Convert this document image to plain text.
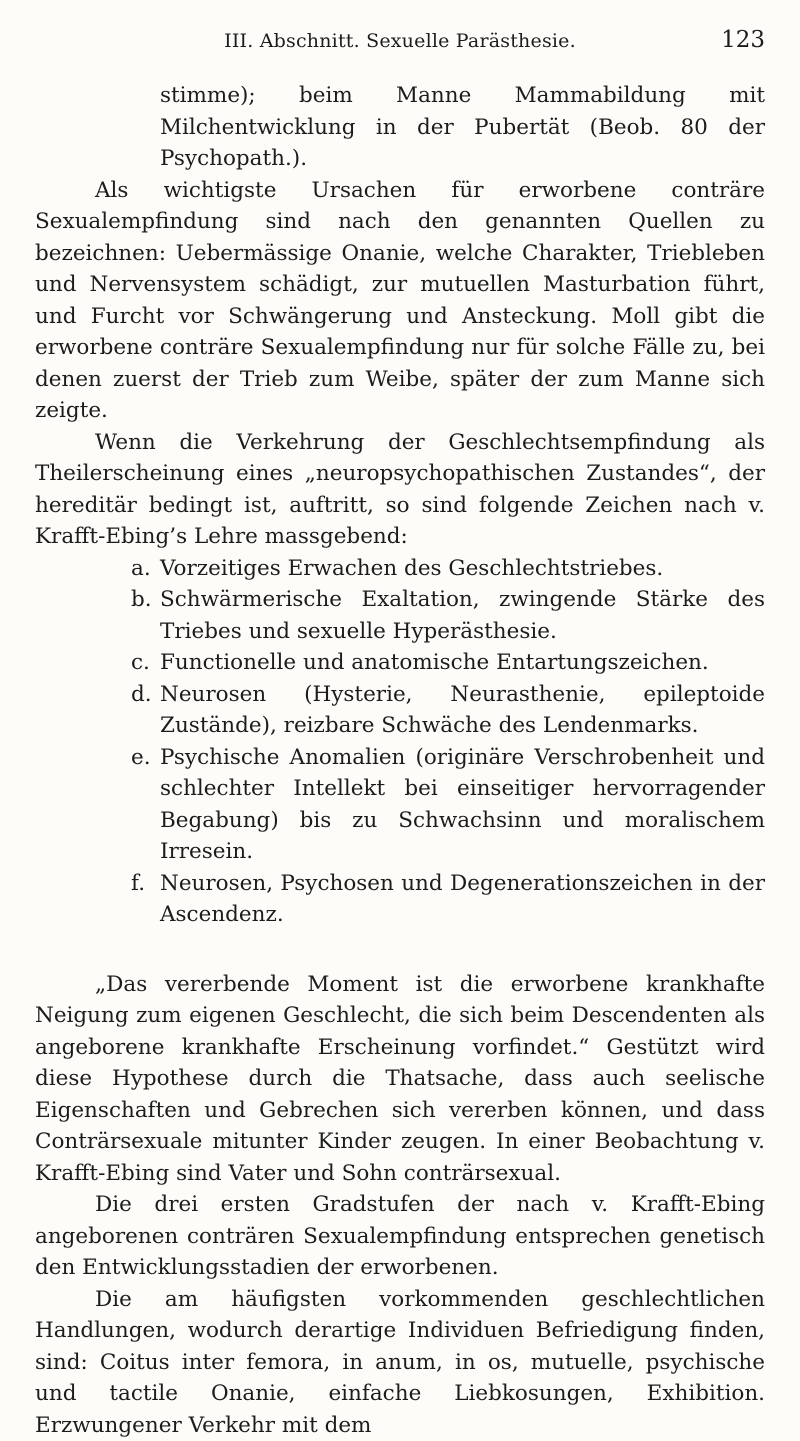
III. Abschnitt. Sexuelle Parästhesie.	123

stimme); beim Manne Mammabildung mit Milchentwicklung in der Pubertät (Beob. 80 der Psychopath.).

Als wichtigste Ursachen für erworbene conträre Sexualempfindung sind nach den genannten Quellen zu bezeichnen: Uebermässige Onanie, welche Charakter, Triebleben und Nervensystem schädigt, zur mutuellen Masturbation führt, und Furcht vor Schwängerung und Ansteckung. Moll gibt die erworbene conträre Sexualempfindung nur für solche Fälle zu, bei denen zuerst der Trieb zum Weibe, später der zum Manne sich zeigte.

Wenn die Verkehrung der Geschlechtsempfindung als Theilerscheinung eines „neuropsychopathischen Zustandes“, der hereditär bedingt ist, auftritt, so sind folgende Zeichen nach v. Krafft-Ebing’s Lehre massgebend:

a. Vorzeitiges Erwachen des Geschlechtstriebes.
b. Schwärmerische Exaltation, zwingende Stärke des Triebes und sexuelle Hyperästhesie.
c. Functionelle und anatomische Entartungszeichen.
d. Neurosen (Hysterie, Neurasthenie, epileptoide Zustände), reizbare Schwäche des Lendenmarks.
e. Psychische Anomalien (originäre Verschrobenheit und schlechter Intellekt bei einseitiger hervorragender Begabung) bis zu Schwachsinn und moralischem Irresein.
f. Neurosen, Psychosen und Degenerationszeichen in der Ascendenz.

„Das vererbende Moment ist die erworbene krankhafte Neigung zum eigenen Geschlecht, die sich beim Descendenten als angeborene krankhafte Erscheinung vorfindet.“ Gestützt wird diese Hypothese durch die Thatsache, dass auch seelische Eigenschaften und Gebrechen sich vererben können, und dass Conträrsexuale mitunter Kinder zeugen. In einer Beobachtung v. Krafft-Ebing sind Vater und Sohn conträrsexual.

Die drei ersten Gradstufen der nach v. Krafft-Ebing angeborenen conträren Sexualempfindung entsprechen genetisch den Entwicklungsstadien der erworbenen.

Die am häufigsten vorkommenden geschlechtlichen Handlungen, wodurch derartige Individuen Befriedigung finden, sind: Coitus inter femora, in anum, in os, mutuelle, psychische und tactile Onanie, einfache Liebkosungen, Exhibition. Erzwungener Verkehr mit dem
